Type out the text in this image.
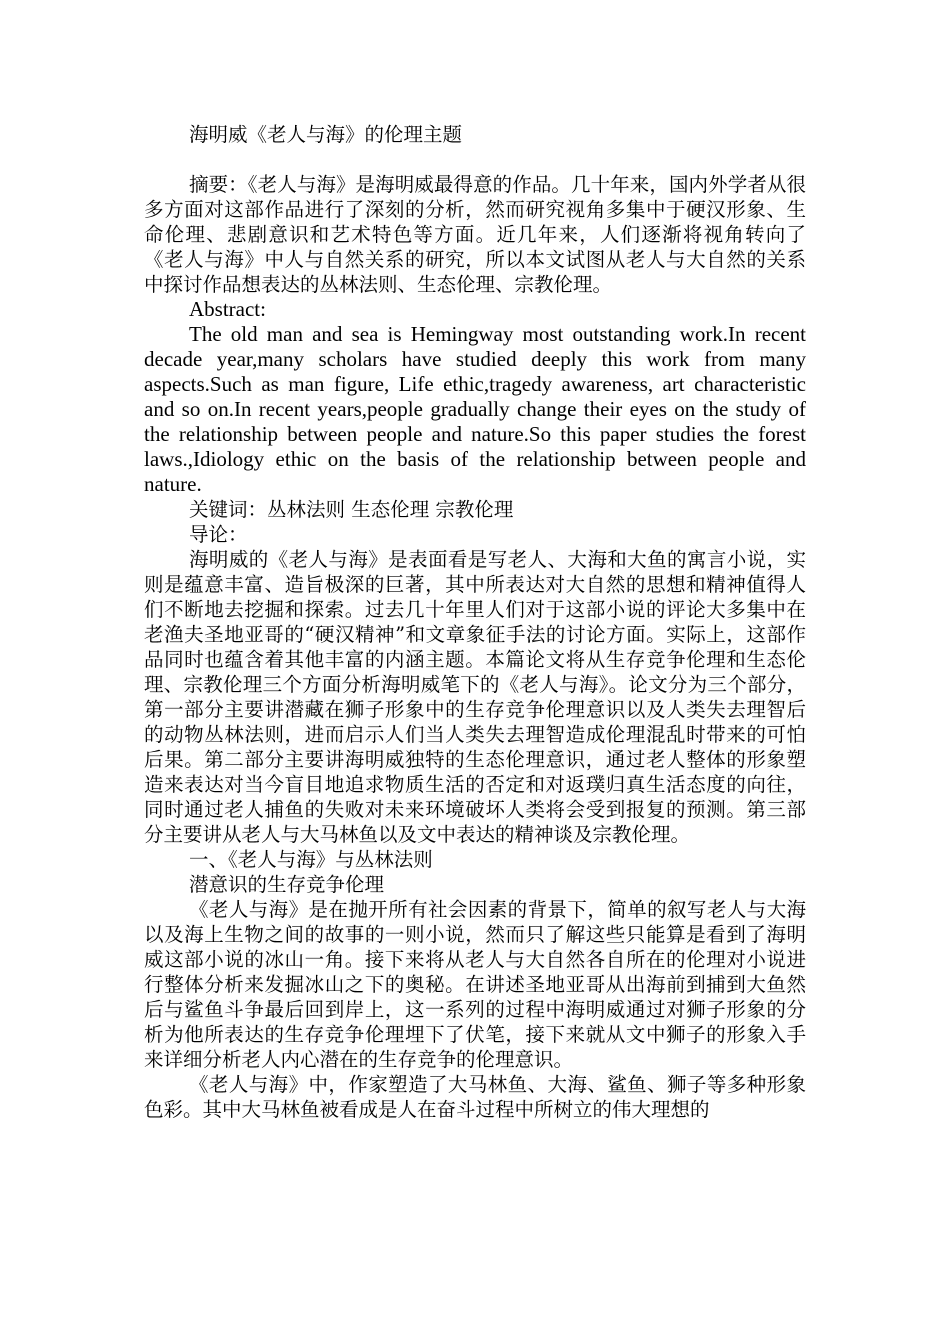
海明威《老人与海》的伦理主题

摘要：《老人与海》是海明威最得意的作品。几十年来，国内外学者从很多方面对这部作品进行了深刻的分析，然而研究视角多集中于硬汉形象、生命伦理、悲剧意识和艺术特色等方面。近几年来，人们逐渐将视角转向了《老人与海》中人与自然关系的研究，所以本文试图从老人与大自然的关系中探讨作品想表达的丛林法则、生态伦理、宗教伦理。

Abstract:

The old man and sea is Hemingway most outstanding work.In recent decade year,many scholars have studied deeply this work from many aspects.Such as man figure, Life ethic,tragedy awareness, art characteristic and so on.In recent years,people gradually change their eyes on the study of the relationship between people and nature.So this paper studies the forest laws.,Idiology ethic on the basis of the relationship between people and nature.

关键词：丛林法则 生态伦理 宗教伦理

导论：

海明威的《老人与海》是表面看是写老人、大海和大鱼的寓言小说，实则是蕴意丰富、造旨极深的巨著，其中所表达对大自然的思想和精神值得人们不断地去挖掘和探索。过去几十年里人们对于这部小说的评论大多集中在老渔夫圣地亚哥的“硬汉精神”和文章象征手法的讨论方面。实际上，这部作品同时也蕴含着其他丰富的内涵主题。本篇论文将从生存竞争伦理和生态伦理、宗教伦理三个方面分析海明威笔下的《老人与海》。论文分为三个部分，第一部分主要讲潜藏在狮子形象中的生存竞争伦理意识以及人类失去理智后的动物丛林法则，进而启示人们当人类失去理智造成伦理混乱时带来的可怕后果。第二部分主要讲海明威独特的生态伦理意识，通过老人整体的形象塑造来表达对当今盲目地追求物质生活的否定和对返璞归真生活态度的向往，同时通过老人捕鱼的失败对未来环境破坏人类将会受到报复的预测。第三部分主要讲从老人与大马林鱼以及文中表达的精神谈及宗教伦理。

一、《老人与海》与丛林法则

潜意识的生存竞争伦理

《老人与海》是在抛开所有社会因素的背景下，简单的叙写老人与大海以及海上生物之间的故事的一则小说，然而只了解这些只能算是看到了海明威这部小说的冰山一角。接下来将从老人与大自然各自所在的伦理对小说进行整体分析来发掘冰山之下的奥秘。在讲述圣地亚哥从出海前到捕到大鱼然后与鲨鱼斗争最后回到岸上，这一系列的过程中海明威通过对狮子形象的分析为他所表达的生存竞争伦理埋下了伏笔，接下来就从文中狮子的形象入手来详细分析老人内心潜在的生存竞争的伦理意识。

《老人与海》中，作家塑造了大马林鱼、大海、鲨鱼、狮子等多种形象色彩。其中大马林鱼被看成是人在奋斗过程中所树立的伟大理想的
